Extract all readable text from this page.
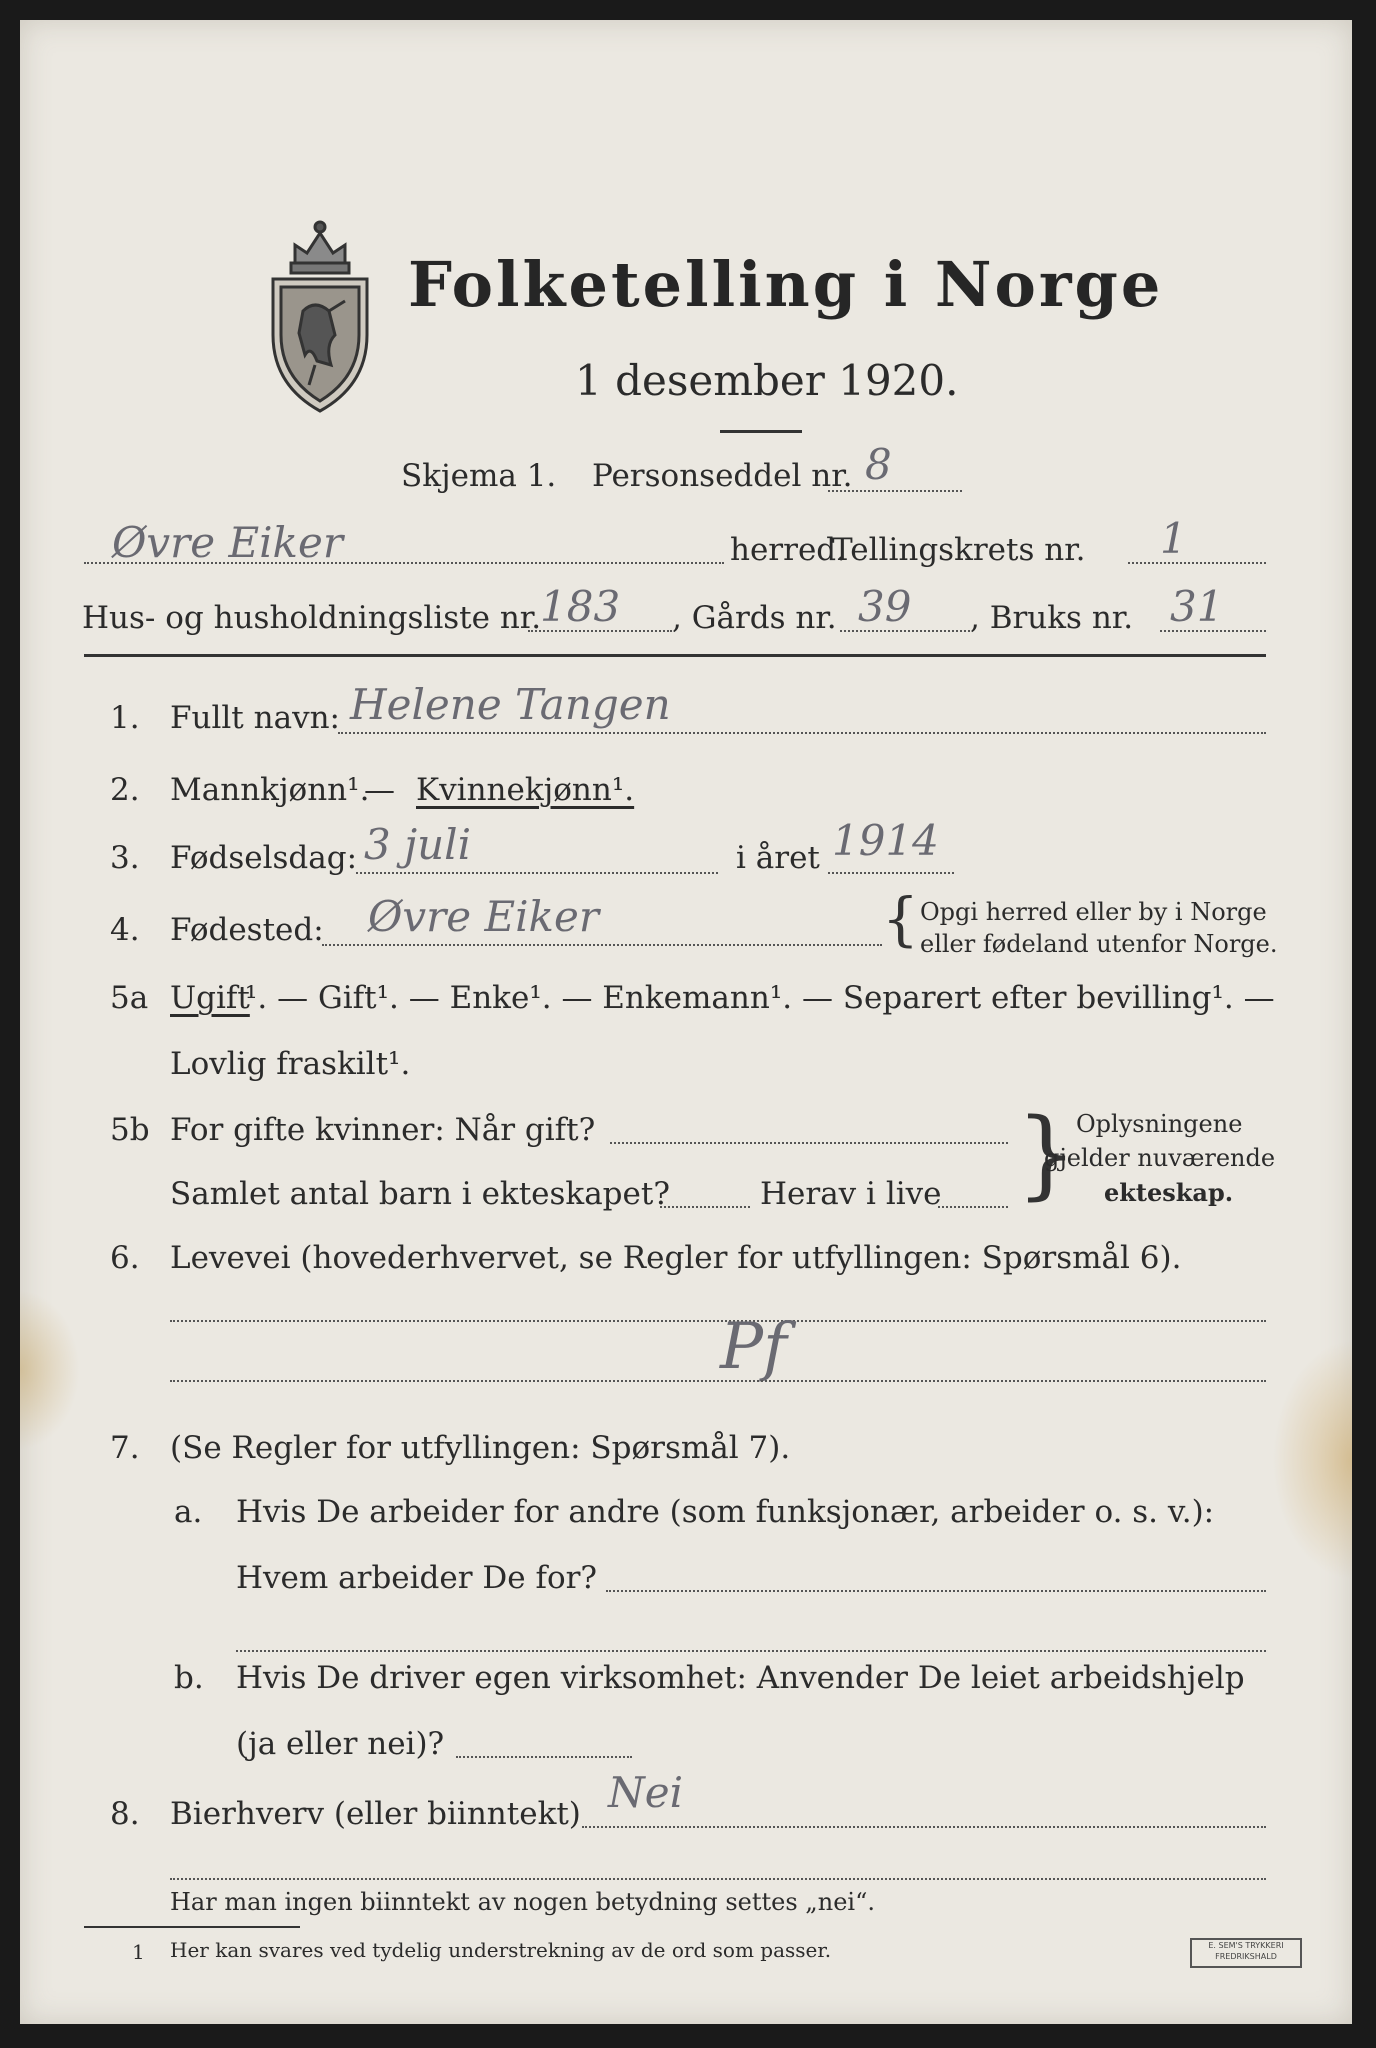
Folketelling i Norge
1 desember 1920.
Skjema 1. Personseddel nr. 8
Øvre Eiker	herred.
Tellingskrets nr. 1
Hus- og husholdningsliste nr.
183 , Gårds nr. 39 , Bruks nr. 31
1. Fullt navn: Helene Tangen
2. Mannkjønn¹.
— Kvinnekjønn¹.
3. Fødselsdag: 3 juli	i året 1914
4. Fødested: Øvre Eiker	{ Opgi herred eller by i Norge
eller fødeland utenfor Norge.
5a Ugift
¹. — Gift¹. — Enke¹. — Enkemann¹. — Separert efter bevilling¹. —
Lovlig fraskilt¹.
5b For gifte kvinner: Når gift?
Samlet antal barn i ekteskapet?	Herav i live }
Oplysningene
gjelder nuværende
ekteskap.
6. Levevei (hovederhvervet, se Regler for utfyllingen: Spørsmål 6).
Pf
7. (Se Regler for utfyllingen: Spørsmål 7).
a. Hvis De arbeider for andre (som funksjonær, arbeider o. s. v.):
Hvem arbeider De for?
b. Hvis De driver egen virksomhet: Anvender De leiet arbeidshjelp
(ja eller nei)?
8. Bierhverv (eller biinntekt) Nei
Har man ingen biinntekt av nogen betydning settes „nei“.
1 Her kan svares ved tydelig understrekning av de ord som passer.	E. SEM'S TRYKKERI
FREDRIKSHALD
